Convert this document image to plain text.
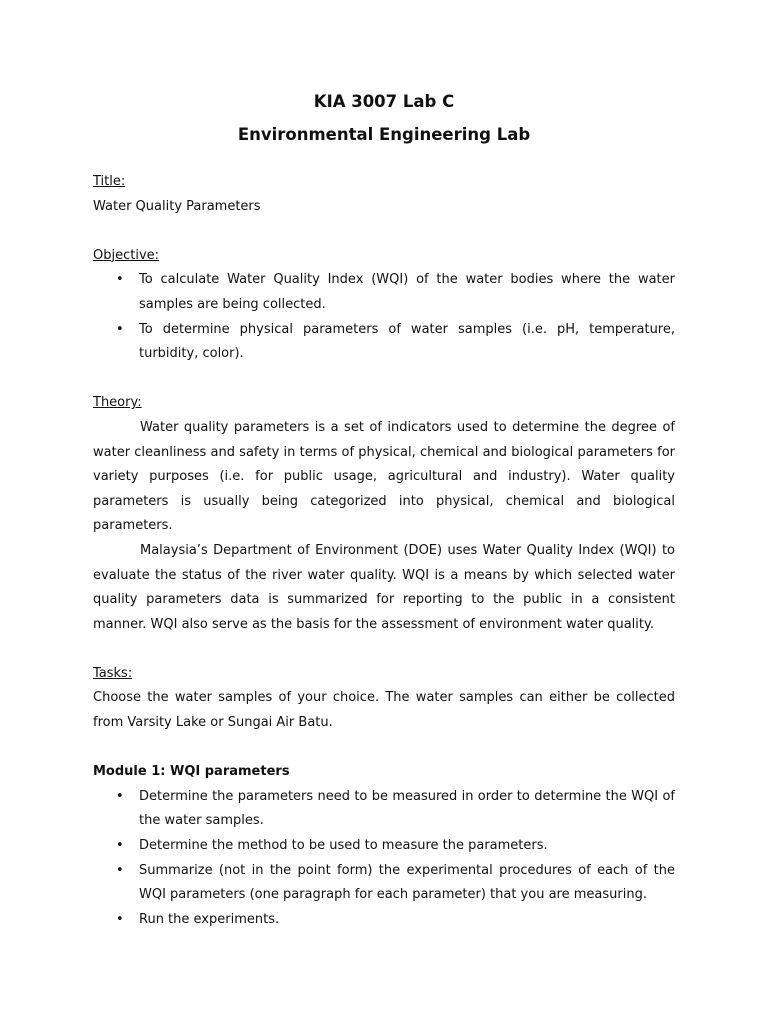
KIA 3007 Lab C
Environmental Engineering Lab
Title:

Water Quality Parameters

Objective:
• To calculate Water Quality Index (WQI) of the water bodies where the water samples are being collected.
• To determine physical parameters of water samples (i.e. pH, temperature, turbidity, color).
Theory:

Water quality parameters is a set of indicators used to determine the degree of water cleanliness and safety in terms of physical, chemical and biological parameters for variety purposes (i.e. for public usage, agricultural and industry). Water quality parameters is usually being categorized into physical, chemical and biological parameters.

Malaysia’s Department of Environment (DOE) uses Water Quality Index (WQI) to evaluate the status of the river water quality. WQI is a means by which selected water quality parameters data is summarized for reporting to the public in a consistent manner. WQI also serve as the basis for the assessment of environment water quality.

Tasks:

Choose the water samples of your choice. The water samples can either be collected from Varsity Lake or Sungai Air Batu.

Module 1: WQI parameters
• Determine the parameters need to be measured in order to determine the WQI of the water samples.
• Determine the method to be used to measure the parameters.
• Summarize (not in the point form) the experimental procedures of each of the WQI parameters (one paragraph for each parameter) that you are measuring.
• Run the experiments.
